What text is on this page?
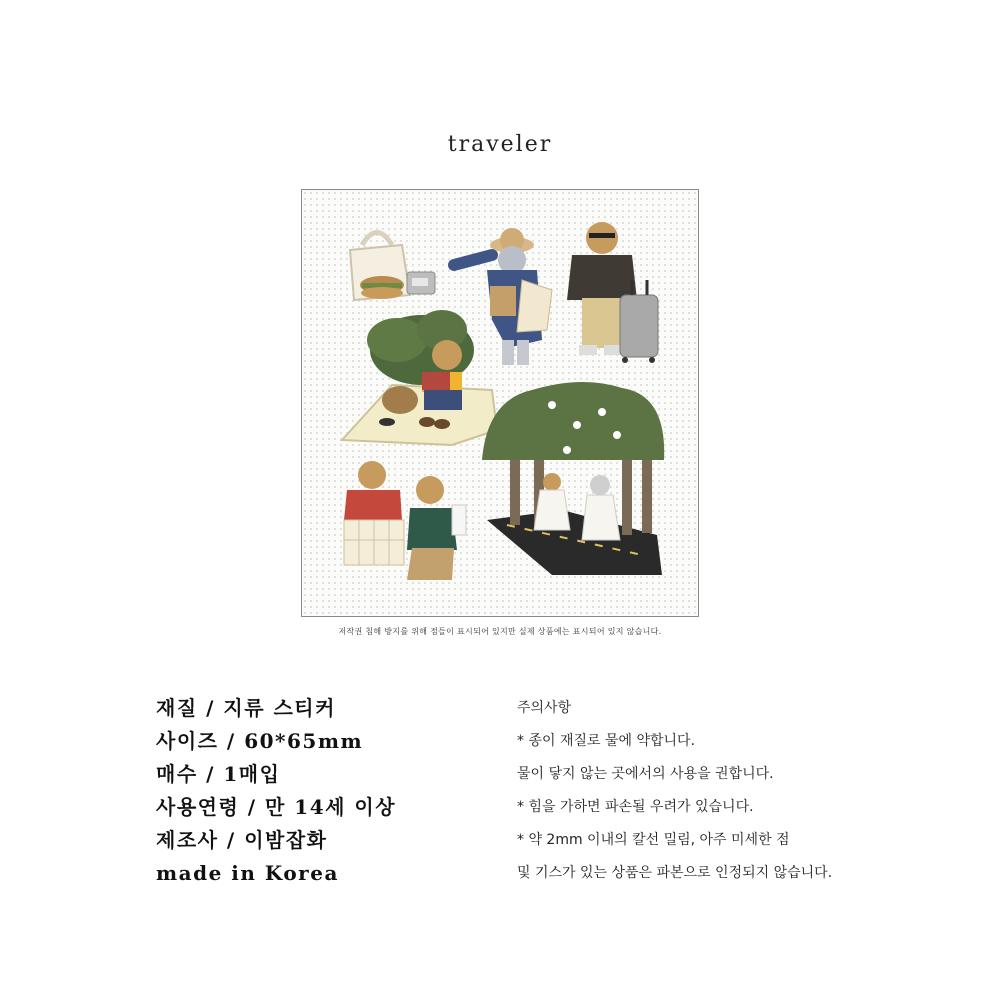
traveler
저작권 침해 방지를 위해 점들이 표시되어 있지만 실제 상품에는 표시되어 있지 않습니다.
재질 / 지류 스티커
사이즈 / 60*65mm
매수 / 1매입
사용연령 / 만 14세 이상
제조사 / 이밤잡화
made in Korea
주의사항
* 종이 재질로 물에 약합니다.
물이 닿지 않는 곳에서의 사용을 권합니다.
* 힘을 가하면 파손될 우려가 있습니다.
* 약 2mm 이내의 칼선 밀림, 아주 미세한 점
및 기스가 있는 상품은 파본으로 인정되지 않습니다.
